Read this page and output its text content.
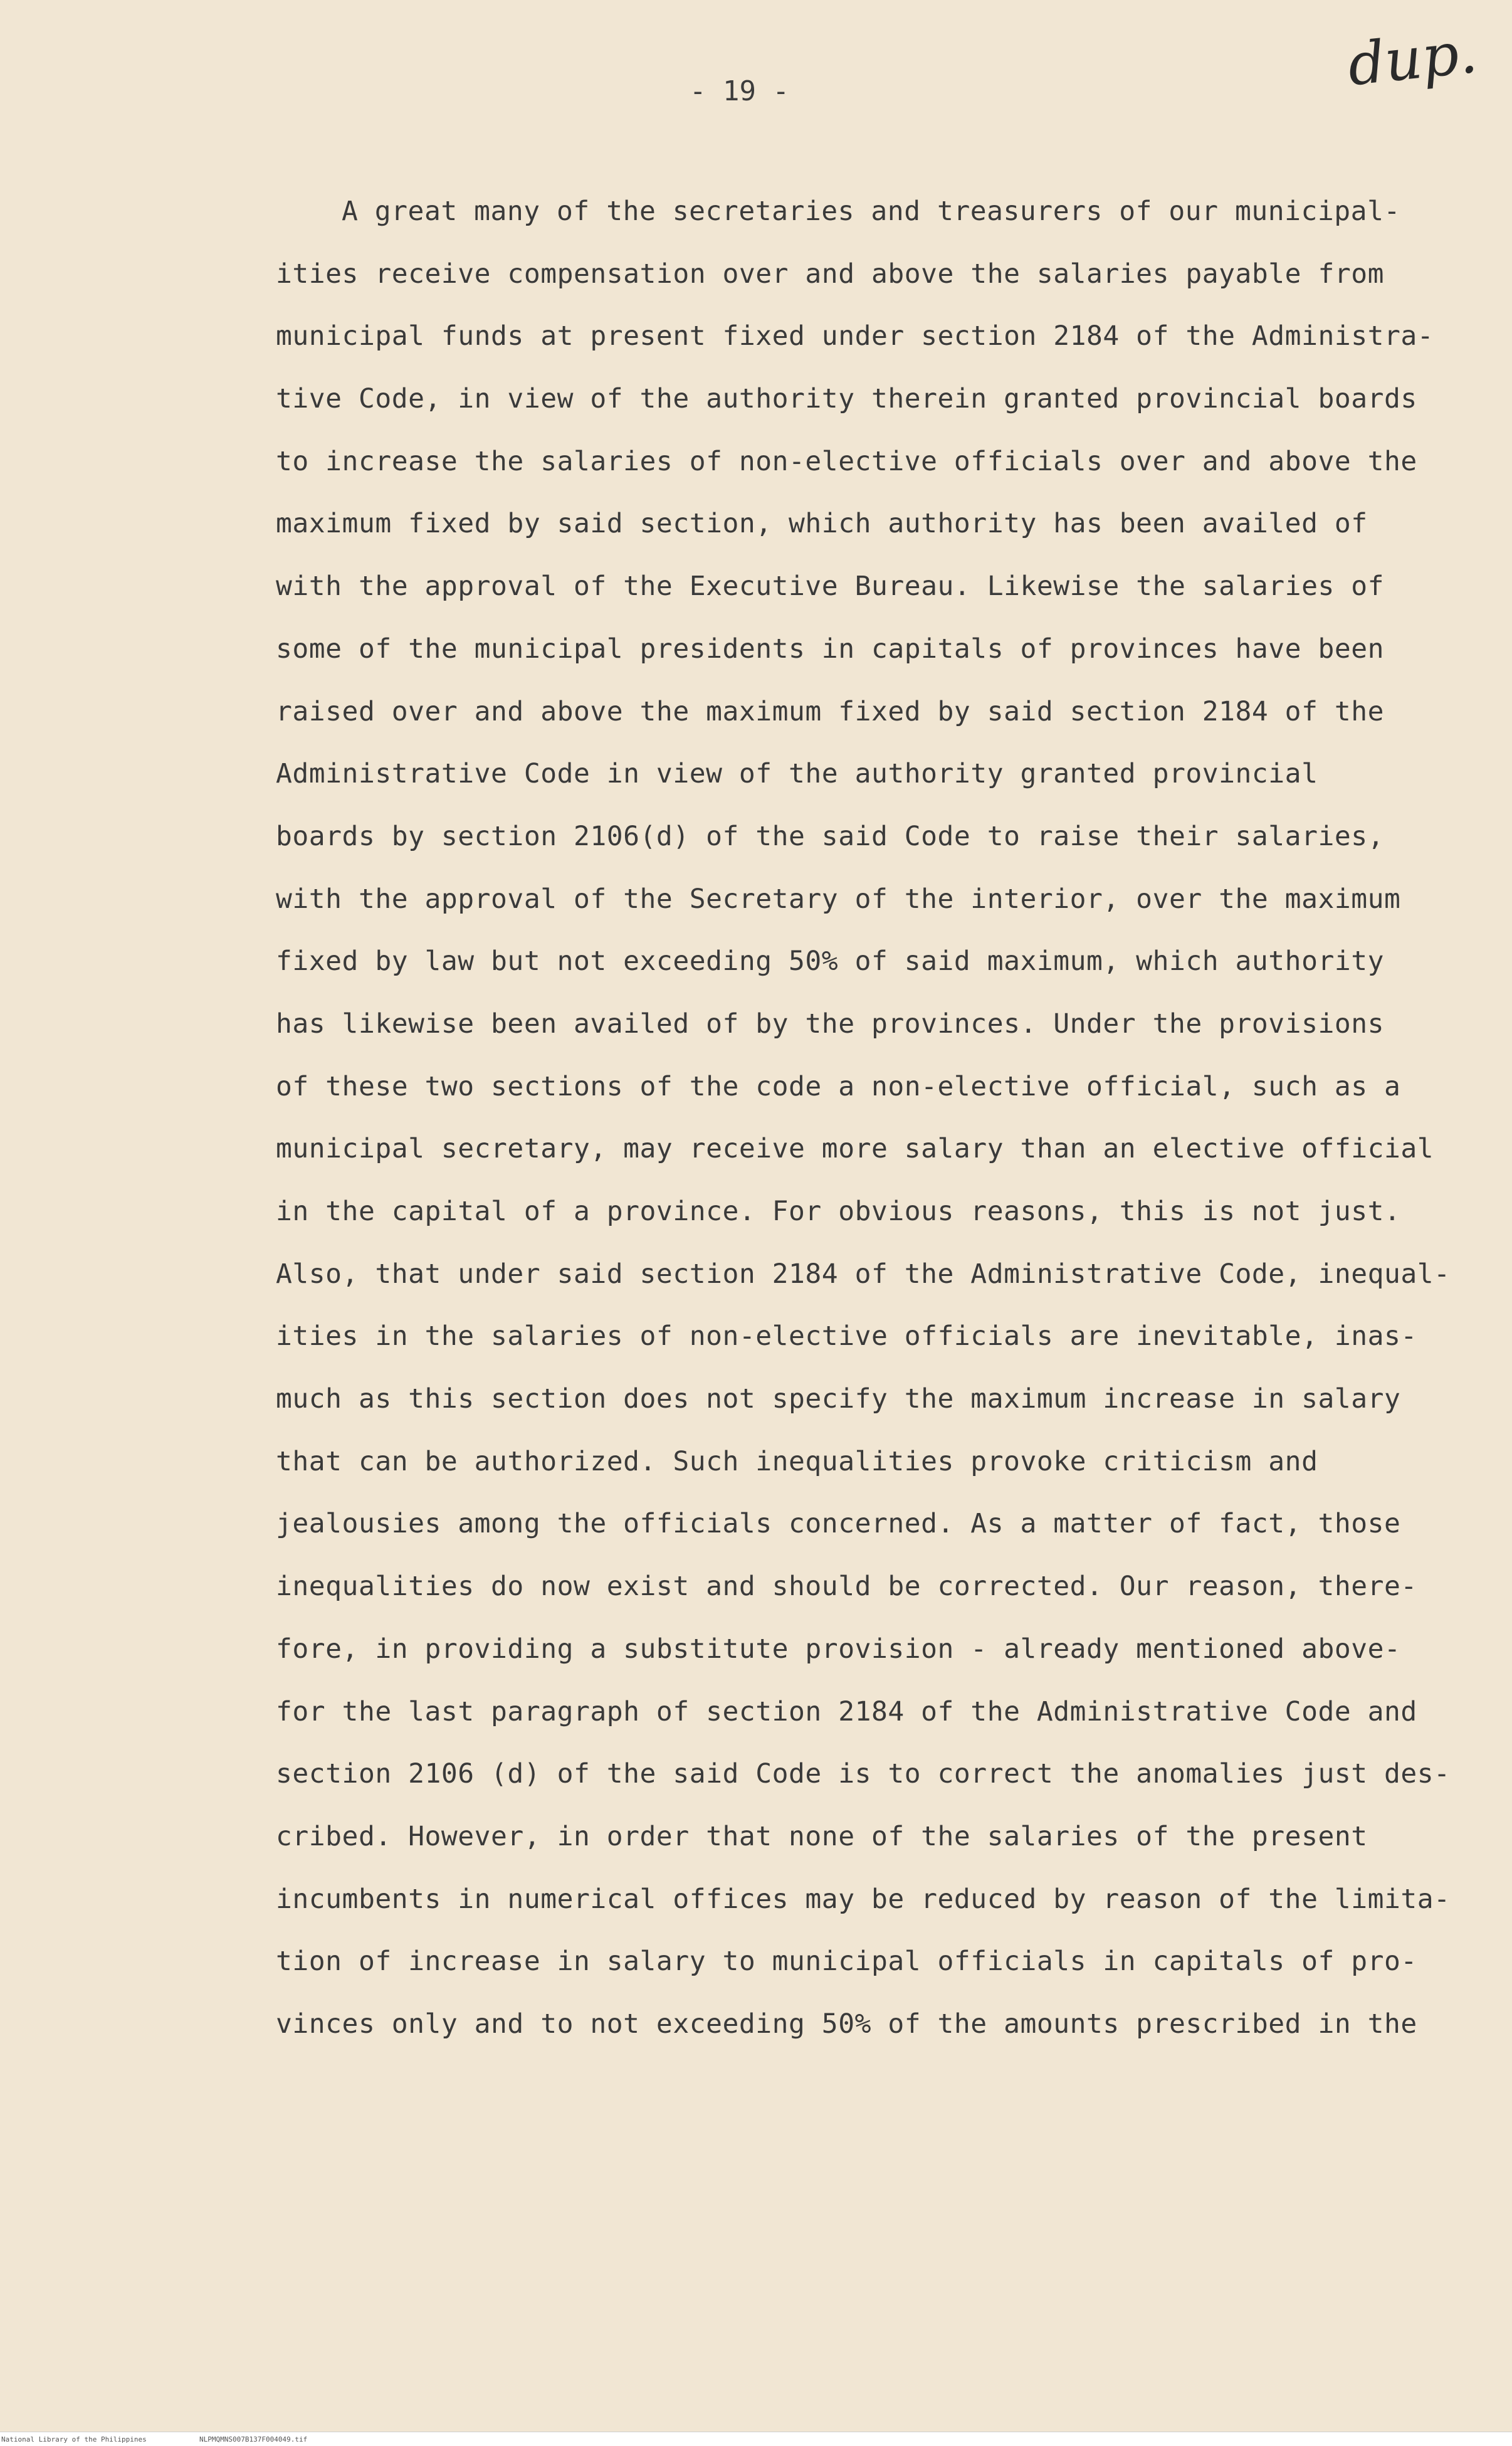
- 19 -	dup.
A great many of the secretaries and treasurers of our municipal-
ities receive compensation over and above the salaries payable from
municipal funds at present fixed under section 2184 of the Administra-
tive Code, in view of the authority therein granted provincial boards
to increase the salaries of non-elective officials over and above the
maximum fixed by said section, which authority has been availed of
with the approval of the Executive Bureau. Likewise the salaries of
some of the municipal presidents in capitals of provinces have been
raised over and above the maximum fixed by said section 2184 of the
Administrative Code in view of the authority granted provincial
boards by section 2106(d) of the said Code to raise their salaries,
with the approval of the Secretary of the interior, over the maximum
fixed by law but not exceeding 50% of said maximum, which authority
has likewise been availed of by the provinces. Under the provisions
of these two sections of the code a non-elective official, such as a
municipal secretary, may receive more salary than an elective official
in the capital of a province. For obvious reasons, this is not just.
Also, that under said section 2184 of the Administrative Code, inequal-
ities in the salaries of non-elective officials are inevitable, inas-
much as this section does not specify the maximum increase in salary
that can be authorized. Such inequalities provoke criticism and
jealousies among the officials concerned. As a matter of fact, those
inequalities do now exist and should be corrected. Our reason, there-
fore, in providing a substitute provision - already mentioned above-
for the last paragraph of section 2184 of the Administrative Code and
section 2106 (d) of the said Code is to correct the anomalies just des-
cribed. However, in order that none of the salaries of the present
incumbents in numerical offices may be reduced by reason of the limita-
tion of increase in salary to municipal officials in capitals of pro-
vinces only and to not exceeding 50% of the amounts prescribed in the
National Library of the Philippines	NLPMQMNS007B137F004049.tif
